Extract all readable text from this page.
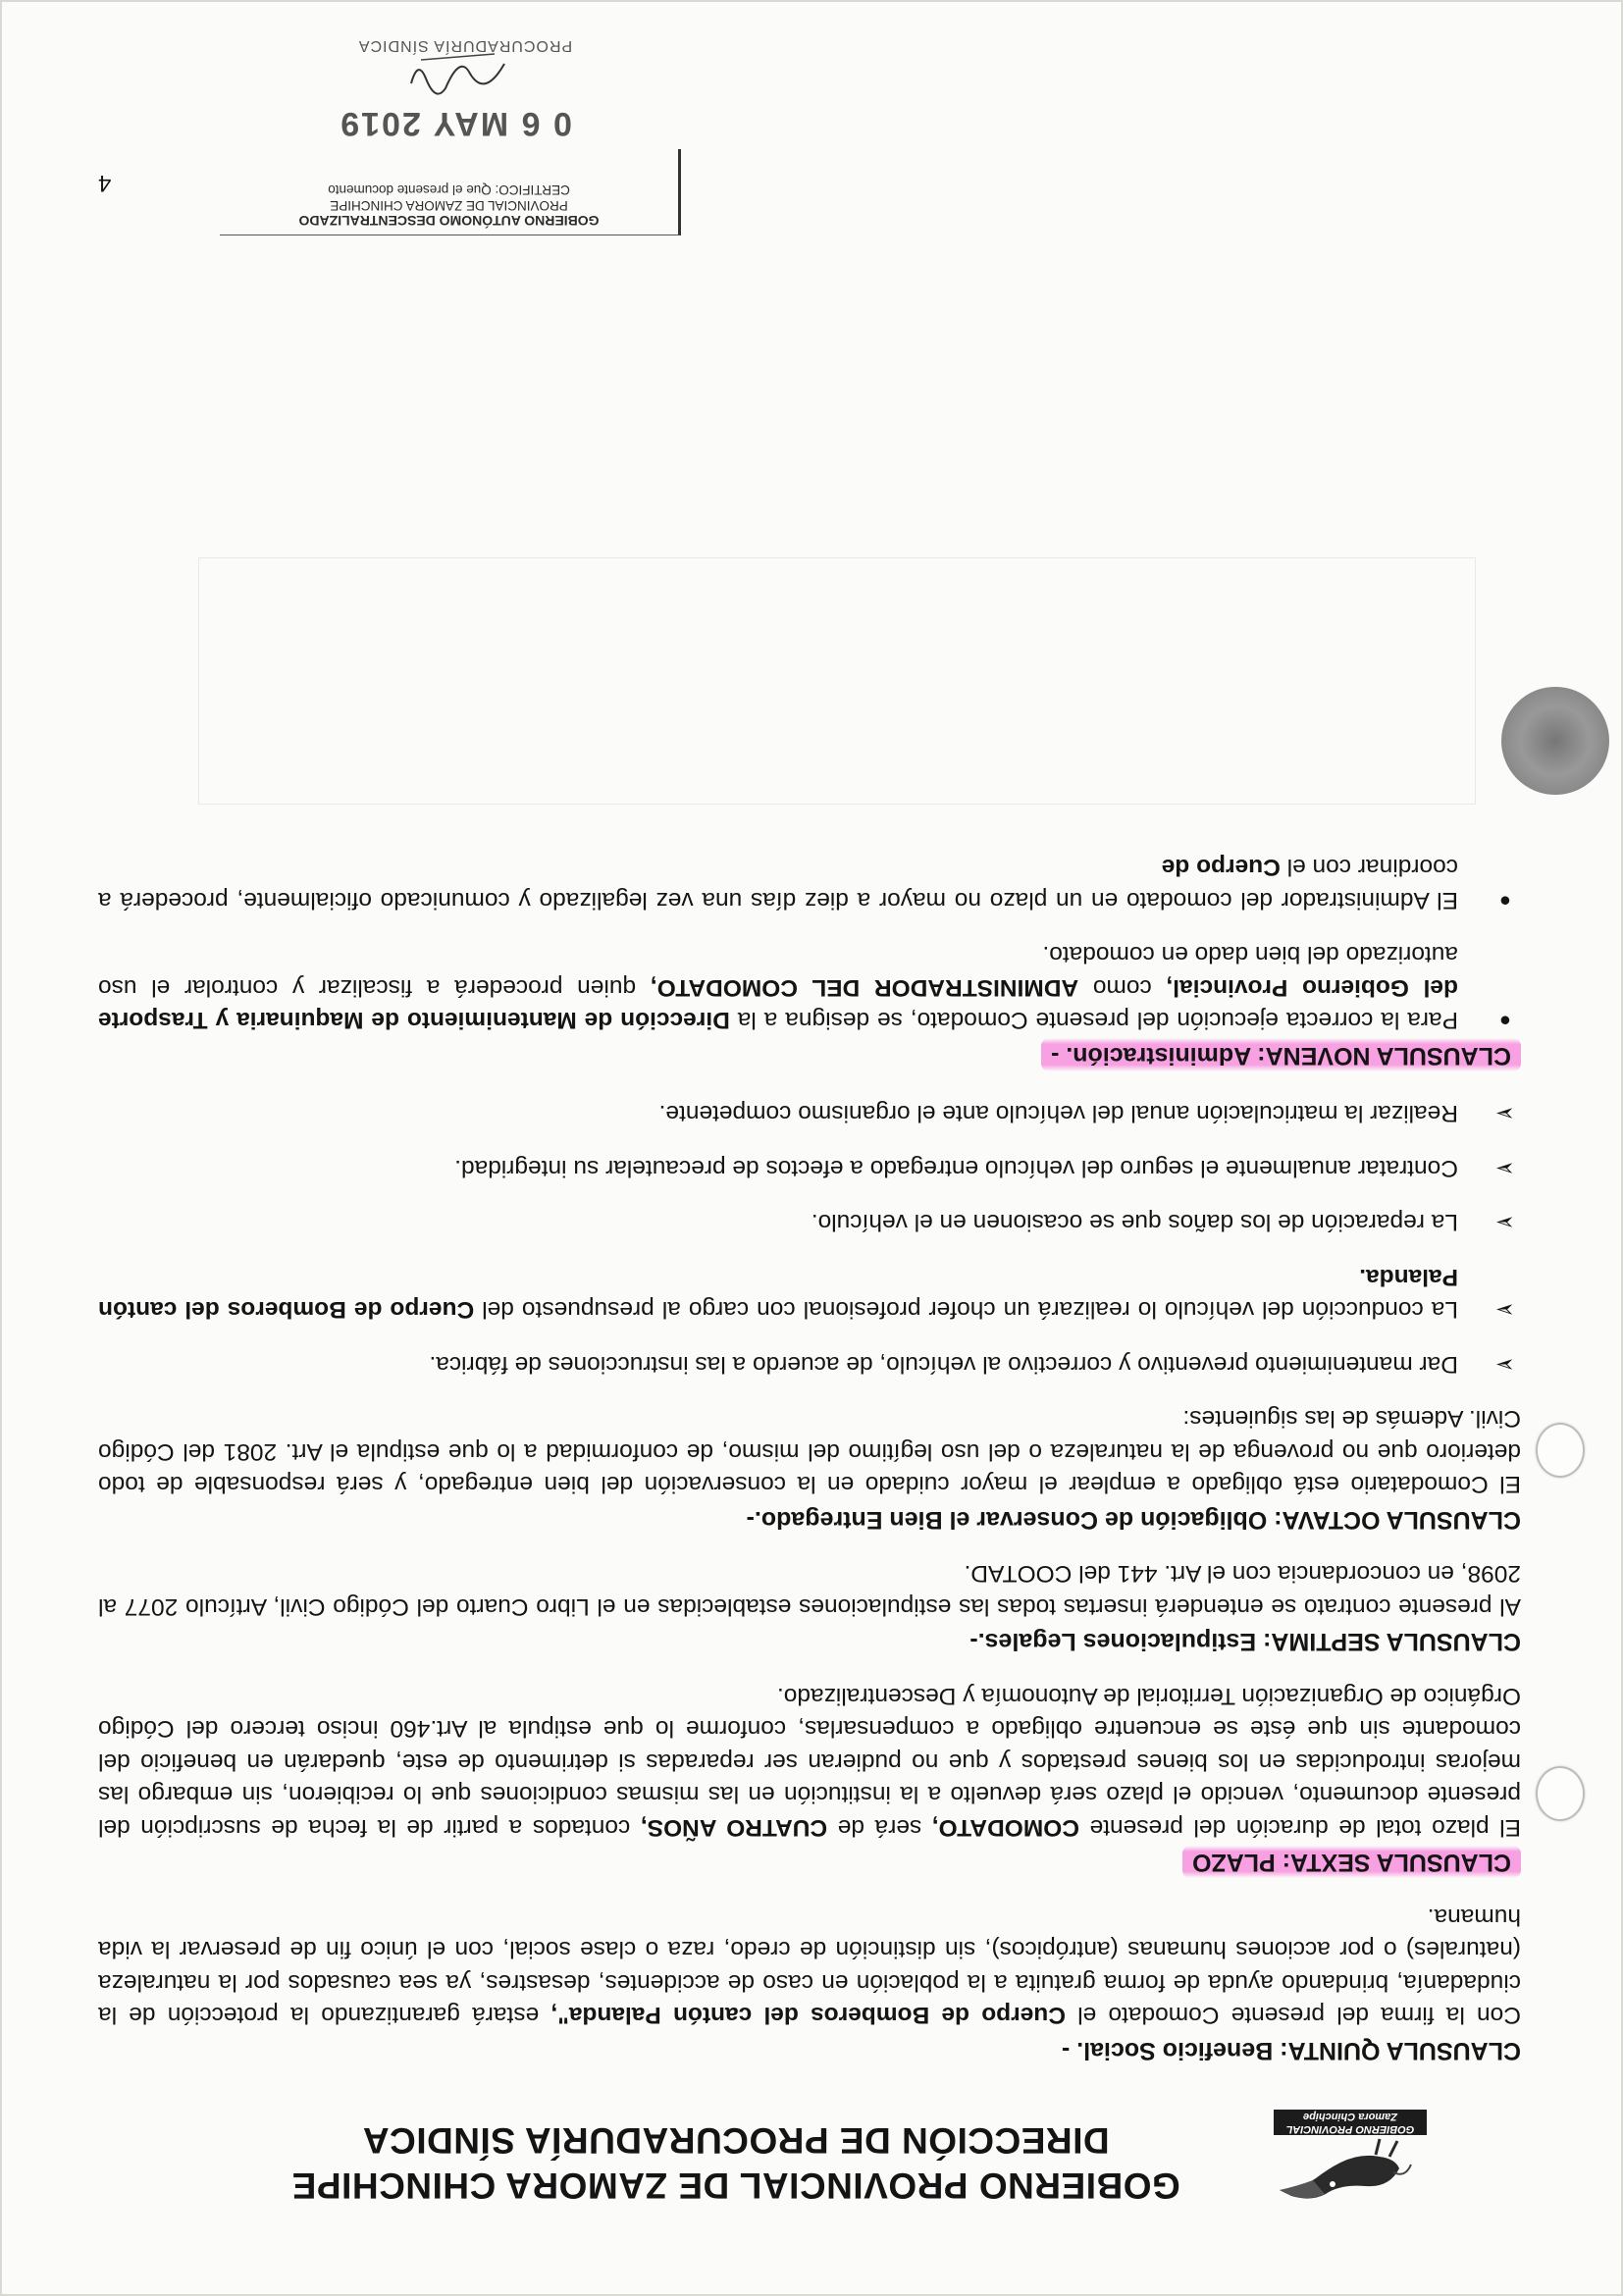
GOBIERNO PROVINCIAL
Zamora Chinchipe
GOBIERNO PROVINCIAL DE ZAMORA CHINCHIPE
DIRECCIÓN DE PROCURADURÍA SÍNDICA
CLAUSULA QUINTA: Beneficio Social. -

Con la firma del presente Comodato el Cuerpo de Bomberos del cantón Palanda", estará garantizando la protección de la ciudadanía, brindando ayuda de forma gratuita a la población en caso de accidentes, desastres, ya sea causados por la naturaleza (naturales) o por acciones humanas (antrópicos), sin distinción de credo, raza o clase social, con el único fin de preservar la vida humana.

CLAUSULA SEXTA: PLAZO

El plazo total de duración del presente COMODATO, será de CUATRO AÑOS, contados a partir de la fecha de suscripción del presente documento, vencido el plazo será devuelto a la institución en las mismas condiciones que lo recibieron, sin embargo las mejoras introducidas en los bienes prestados y que no pudieran ser reparadas si detrimento de este, quedarán en beneficio del comodante sin que éste se encuentre obligado a compensarlas, conforme lo que estipula al Art.460 inciso tercero del Código Orgánico de Organización Territorial de Autonomía y Descentralizado.

CLAUSULA SEPTIMA: Estipulaciones Legales.-

Al presente contrato se entenderá insertas todas las estipulaciones establecidas en el Libro Cuarto del Código Civil, Artículo 2077 al 2098, en concordancia con el Art. 441 del COOTAD.

CLAUSULA OCTAVA: Obligación de Conservar el Bien Entregado.-

El Comodatario está obligado a emplear el mayor cuidado en la conservación del bien entregado, y será responsable de todo deterioro que no provenga de la naturaleza o del uso legítimo del mismo, de conformidad a lo que estipula el Art. 2081 del Código Civil. Además de las siguientes:

➢
Dar mantenimiento preventivo y correctivo al vehículo, de acuerdo a las instrucciones de fábrica.
➢
La conducción del vehículo lo realizará un chofer profesional con cargo al presupuesto del Cuerpo de Bomberos del cantón Palanda.
➢
La reparación de los daños que se ocasionen en el vehículo.
➢
Contratar anualmente el seguro del vehículo entregado a efectos de precautelar su integridad.
➢
Realizar la matriculación anual del vehículo ante el organismo competente.
CLAUSULA NOVENA: Administración. -
●
Para la correcta ejecución del presente Comodato, se designa a la Dirección de Mantenimiento de Maquinaria y Trasporte del Gobierno Provincial, como ADMINISTRADOR DEL COMODATO, quien procederá a fiscalizar y controlar el uso autorizado del bien dado en comodato.
●
El Administrador del comodato en un plazo no mayor a diez días una vez legalizado y comunicado oficialmente, procederá a coordinar con el Cuerpo de
4
GOBIERNO AUTÓNOMO DESCENTRALIZADO
PROVINCIAL DE ZAMORA CHINCHIPE
CERTIFICO: Que el presente documento
0 6 MAY 2019
PROCURADURÍA SÍNDICA
